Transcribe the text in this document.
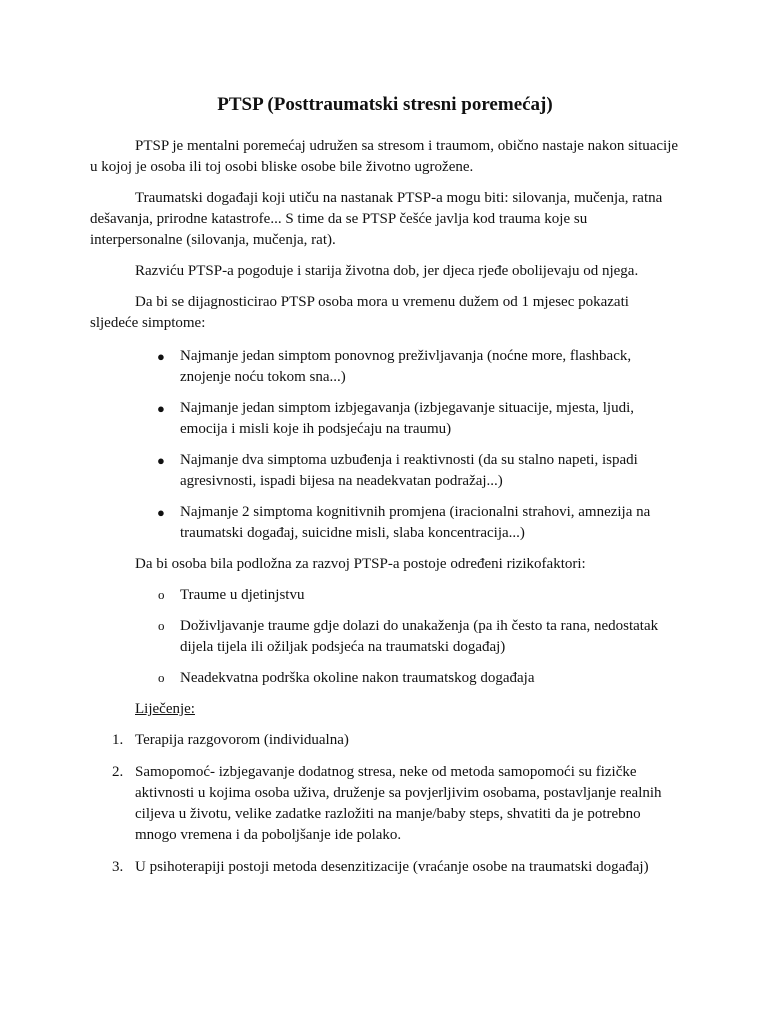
PTSP (Posttraumatski stresni poremećaj)

PTSP je mentalni poremećaj udružen sa stresom i traumom, obično nastaje nakon situacije u kojoj je osoba ili toj osobi bliske osobe bile životno ugrožene.

Traumatski događaji koji utiču na nastanak PTSP-a mogu biti: silovanja, mučenja, ratna dešavanja, prirodne katastrofe... S time da se PTSP češće javlja kod trauma koje su interpersonalne (silovanja, mučenja, rat).

Razviću PTSP-a pogoduje i starija životna dob, jer djeca rjeđe obolijevaju od njega.

Da bi se dijagnosticirao PTSP osoba mora u vremenu dužem od 1 mjesec pokazati sljedeće simptome:

● Najmanje jedan simptom ponovnog preživljavanja (noćne more, flashback, znojenje noću tokom sna...)
● Najmanje jedan simptom izbjegavanja (izbjegavanje situacije, mjesta, ljudi, emocija i misli koje ih podsjećaju na traumu)
● Najmanje dva simptoma uzbuđenja i reaktivnosti (da su stalno napeti, ispadi agresivnosti, ispadi bijesa na neadekvatan podražaj...)
● Najmanje 2 simptoma kognitivnih promjena (iracionalni strahovi, amnezija na traumatski događaj, suicidne misli, slaba koncentracija...)

Da bi osoba bila podložna za razvoj PTSP-a postoje određeni rizikofaktori:

o Traume u djetinjstvu
o Doživljavanje traume gdje dolazi do unakaženja (pa ih često ta rana, nedostatak dijela tijela ili ožiljak podsjeća na traumatski događaj)
o Neadekvatna podrška okoline nakon traumatskog događaja

Liječenje:

1. Terapija razgovorom (individualna)
2. Samopomoć- izbjegavanje dodatnog stresa, neke od metoda samopomoći su fizičke aktivnosti u kojima osoba uživa, druženje sa povjerljivim osobama, postavljanje realnih ciljeva u životu, velike zadatke razložiti na manje/baby steps, shvatiti da je potrebno mnogo vremena i da poboljšanje ide polako.
3. U psihoterapiji postoji metoda desenzitizacije (vraćanje osobe na traumatski događaj)
